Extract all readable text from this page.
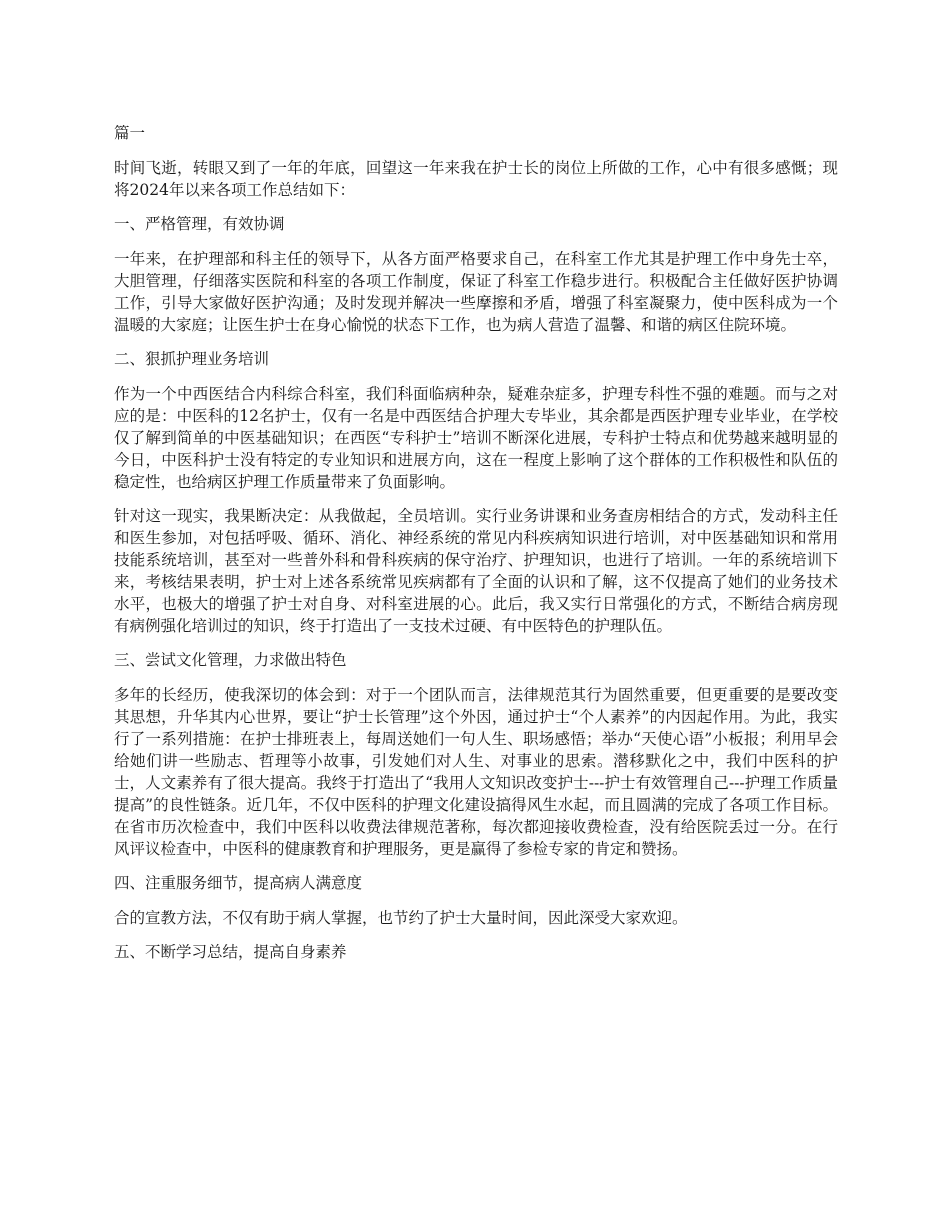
篇一

时间飞逝，转眼又到了一年的年底，回望这一年来我在护士长的岗位上所做的工作，心中有很多感慨；现将2024年以来各项工作总结如下：

一、严格管理，有效协调

一年来，在护理部和科主任的领导下，从各方面严格要求自己，在科室工作尤其是护理工作中身先士卒，大胆管理，仔细落实医院和科室的各项工作制度，保证了科室工作稳步进行。积极配合主任做好医护协调工作，引导大家做好医护沟通；及时发现并解决一些摩擦和矛盾，增强了科室凝聚力，使中医科成为一个温暖的大家庭；让医生护士在身心愉悦的状态下工作，也为病人营造了温馨、和谐的病区住院环境。

二、狠抓护理业务培训

作为一个中西医结合内科综合科室，我们科面临病种杂，疑难杂症多，护理专科性不强的难题。而与之对应的是：中医科的12名护士，仅有一名是中西医结合护理大专毕业，其余都是西医护理专业毕业，在学校仅了解到简单的中医基础知识；在西医“专科护士”培训不断深化进展，专科护士特点和优势越来越明显的今日，中医科护士没有特定的专业知识和进展方向，这在一程度上影响了这个群体的工作积极性和队伍的稳定性，也给病区护理工作质量带来了负面影响。

针对这一现实，我果断决定：从我做起，全员培训。实行业务讲课和业务查房相结合的方式，发动科主任和医生参加，对包括呼吸、循环、消化、神经系统的常见内科疾病知识进行培训，对中医基础知识和常用技能系统培训，甚至对一些普外科和骨科疾病的保守治疗、护理知识，也进行了培训。一年的系统培训下来，考核结果表明，护士对上述各系统常见疾病都有了全面的认识和了解，这不仅提高了她们的业务技术水平，也极大的增强了护士对自身、对科室进展的心。此后，我又实行日常强化的方式，不断结合病房现有病例强化培训过的知识，终于打造出了一支技术过硬、有中医特色的护理队伍。

三、尝试文化管理，力求做出特色

多年的长经历，使我深切的体会到：对于一个团队而言，法律规范其行为固然重要，但更重要的是要改变其思想，升华其内心世界，要让“护士长管理”这个外因，通过护士“个人素养”的内因起作用。为此，我实行了一系列措施：在护士排班表上，每周送她们一句人生、职场感悟；举办“天使心语”小板报；利用早会给她们讲一些励志、哲理等小故事，引发她们对人生、对事业的思索。潜移默化之中，我们中医科的护士，人文素养有了很大提高。我终于打造出了“我用人文知识改变护士---护士有效管理自己---护理工作质量提高”的良性链条。近几年，不仅中医科的护理文化建设搞得风生水起，而且圆满的完成了各项工作目标。在省市历次检查中，我们中医科以收费法律规范著称，每次都迎接收费检查，没有给医院丢过一分。在行风评议检查中，中医科的健康教育和护理服务，更是赢得了参检专家的肯定和赞扬。

四、注重服务细节，提高病人满意度

合的宣教方法，不仅有助于病人掌握，也节约了护士大量时间，因此深受大家欢迎。

五、不断学习总结，提高自身素养
